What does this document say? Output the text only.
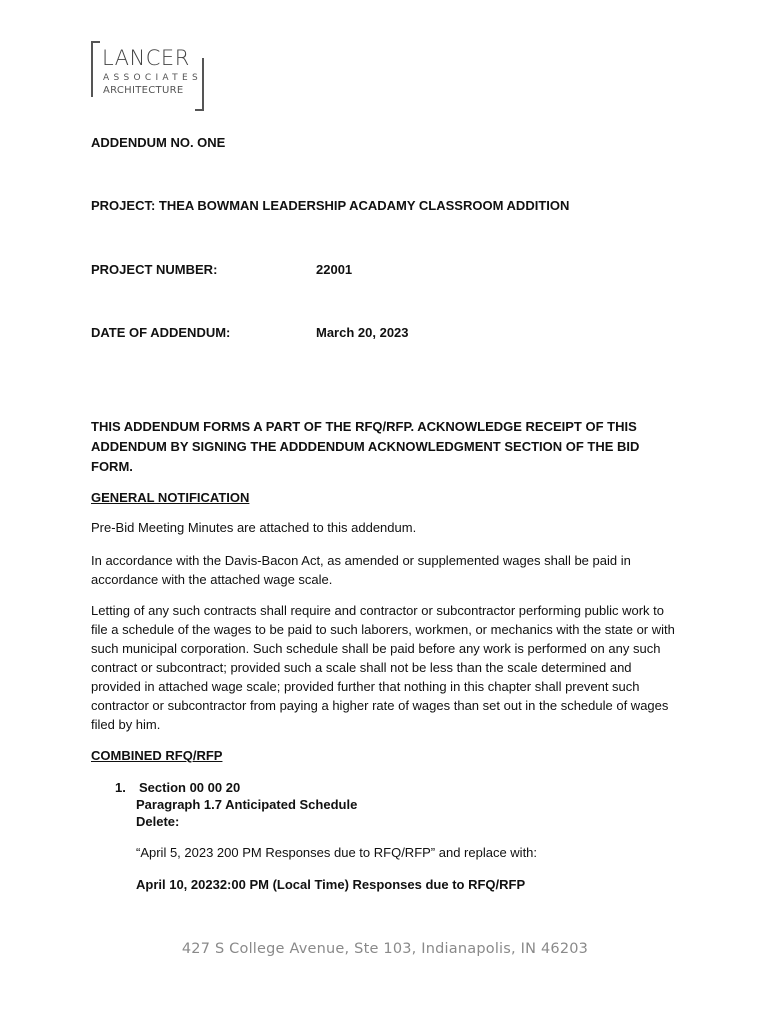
LANCER
ASSOCIATES
ARCHITECTURE
ADDENDUM NO. ONE
PROJECT: THEA BOWMAN LEADERSHIP ACADAMY CLASSROOM ADDITION
PROJECT NUMBER:	22001
DATE OF ADDENDUM:	March 20, 2023
THIS ADDENDUM FORMS A PART OF THE RFQ/RFP. ACKNOWLEDGE RECEIPT OF THIS ADDENDUM BY SIGNING THE ADDDENDUM ACKNOWLEDGMENT SECTION OF THE BID FORM.
GENERAL NOTIFICATION
Pre-Bid Meeting Minutes are attached to this addendum.
In accordance with the Davis-Bacon Act, as amended or supplemented wages shall be paid in accordance with the attached wage scale.
Letting of any such contracts shall require and contractor or subcontractor performing public work to file a schedule of the wages to be paid to such laborers, workmen, or mechanics with the state or with such municipal corporation. Such schedule shall be paid before any work is performed on any such contract or subcontract; provided such a scale shall not be less than the scale determined and provided in attached wage scale; provided further that nothing in this chapter shall prevent such contractor or subcontractor from paying a higher rate of wages than set out in the schedule of wages filed by him.
COMBINED RFQ/RFP
1. Section 00 00 20
Paragraph 1.7 Anticipated Schedule
Delete:
“April 5, 2023 200 PM Responses due to RFQ/RFP” and replace with:
April 10, 20232:00 PM (Local Time) Responses due to RFQ/RFP
427 S College Avenue, Ste 103, Indianapolis, IN 46203
